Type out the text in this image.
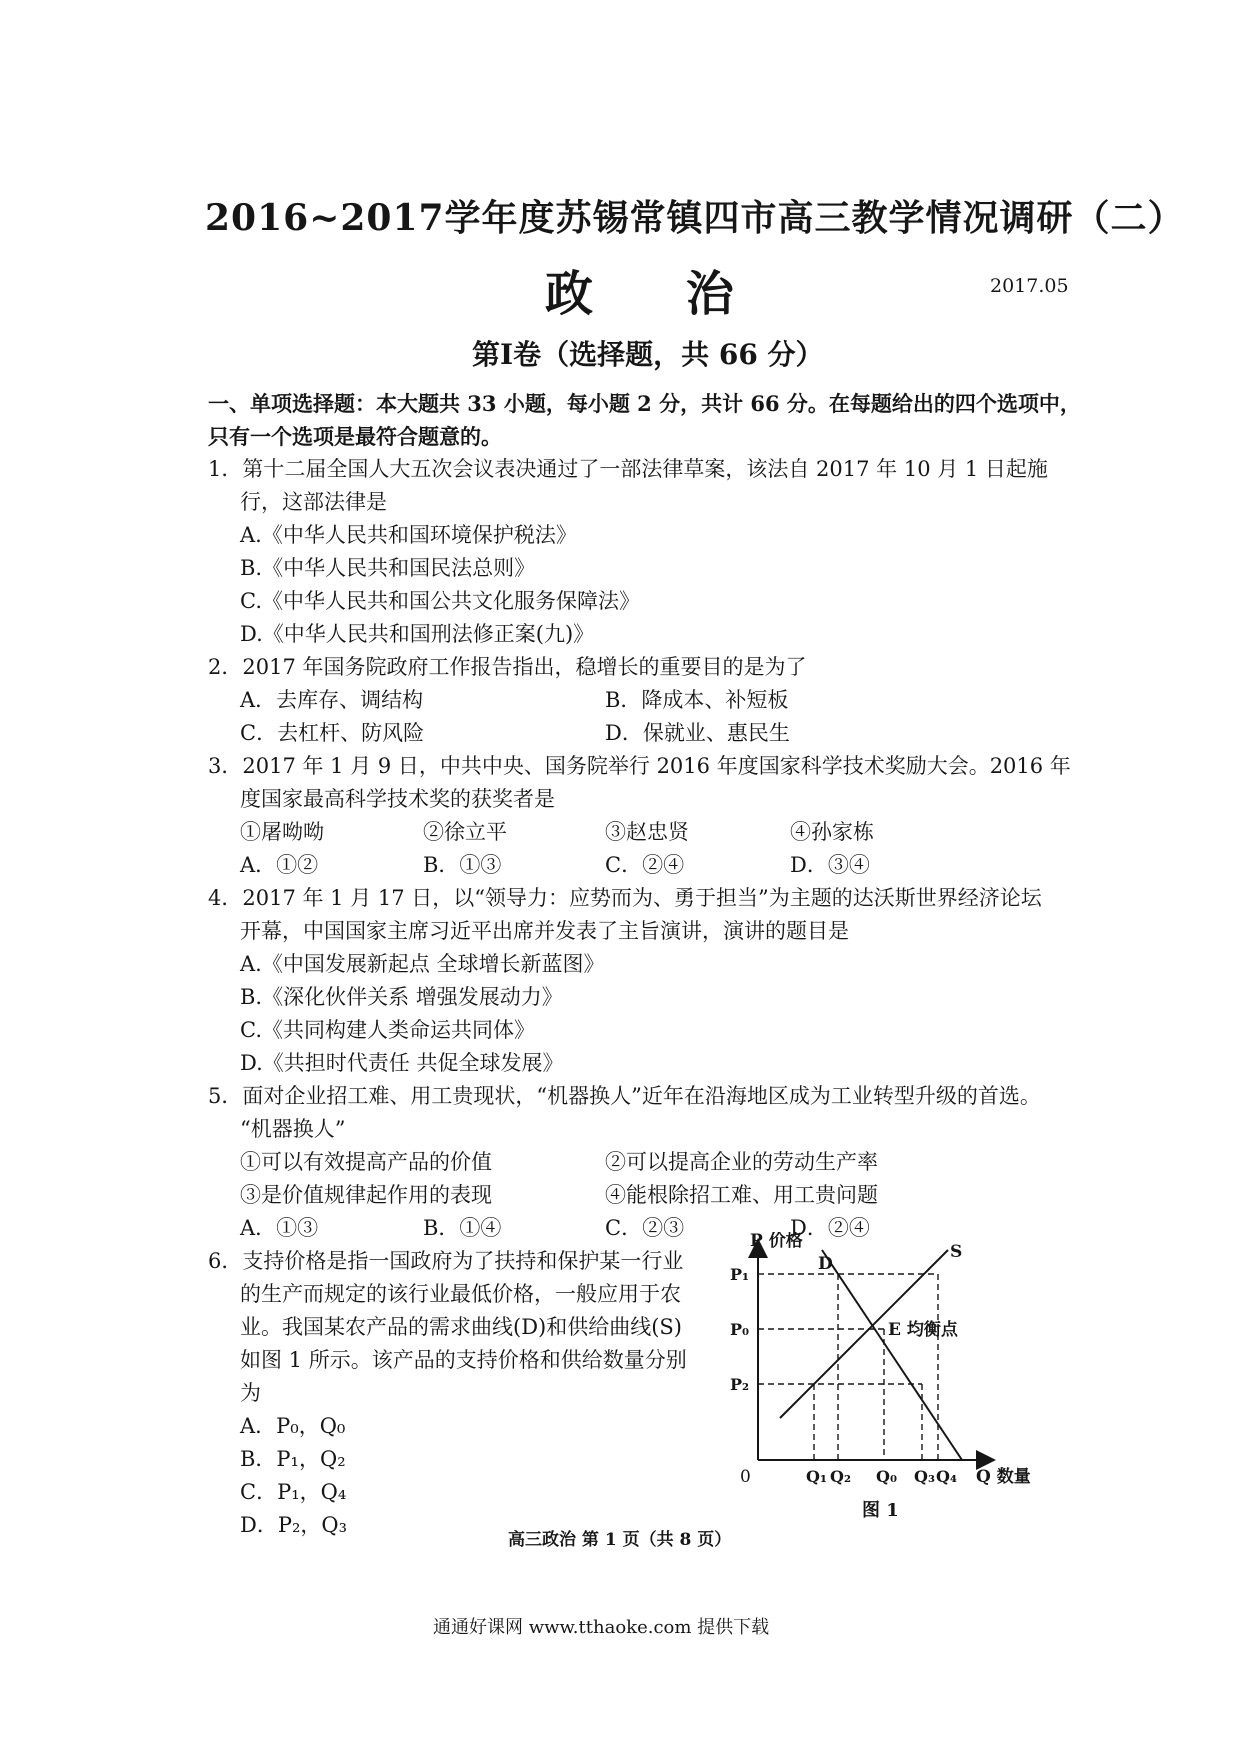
2016~2017学年度苏锡常镇四市高三教学情况调研（二）
政 治	2017.05
第Ⅰ卷（选择题，共 66 分）
一、单项选择题：本大题共 33 小题，每小题 2 分，共计 66 分。在每题给出的四个选项中，
只有一个选项是最符合题意的。
1．第十二届全国人大五次会议表决通过了一部法律草案，该法自 2017 年 10 月 1 日起施
行，这部法律是
A.《中华人民共和国环境保护税法》
B.《中华人民共和国民法总则》
C.《中华人民共和国公共文化服务保障法》
D.《中华人民共和国刑法修正案(九)》
2．2017 年国务院政府工作报告指出，稳增长的重要目的是为了
A．去库存、调结构	B．降成本、补短板
C．去杠杆、防风险	D．保就业、惠民生
3．2017 年 1 月 9 日，中共中央、国务院举行 2016 年度国家科学技术奖励大会。2016 年
度国家最高科学技术奖的获奖者是
①屠呦呦	②徐立平	③赵忠贤	④孙家栋
A．①②	B．①③	C．②④	D．③④
4．2017 年 1 月 17 日，以“领导力：应势而为、勇于担当”为主题的达沃斯世界经济论坛
开幕，中国国家主席习近平出席并发表了主旨演讲，演讲的题目是
A.《中国发展新起点 全球增长新蓝图》
B.《深化伙伴关系 增强发展动力》
C.《共同构建人类命运共同体》
D.《共担时代责任 共促全球发展》
5．面对企业招工难、用工贵现状，“机器换人”近年在沿海地区成为工业转型升级的首选。
“机器换人”
①可以有效提高产品的价值	②可以提高企业的劳动生产率
③是价值规律起作用的表现	④能根除招工难、用工贵问题
A．①③	B．①④	C．②③	D．②④
6．支持价格是指一国政府为了扶持和保护某一行业
的生产而规定的该行业最低价格，一般应用于农
业。我国某农产品的需求曲线(D)和供给曲线(S)
如图 1 所示。该产品的支持价格和供给数量分别
为
A．P₀，Q₀
B．P₁，Q₂
C．P₁，Q₄
D．P₂，Q₃
P 价格
D
S
E 均衡点
P₁
P₀
P₂
0	Q₁ Q₂ Q₀ Q₃ Q₄ Q 数量
图 1
高三政治 第 1 页（共 8 页）
通通好课网 www.tthaoke.com 提供下载
